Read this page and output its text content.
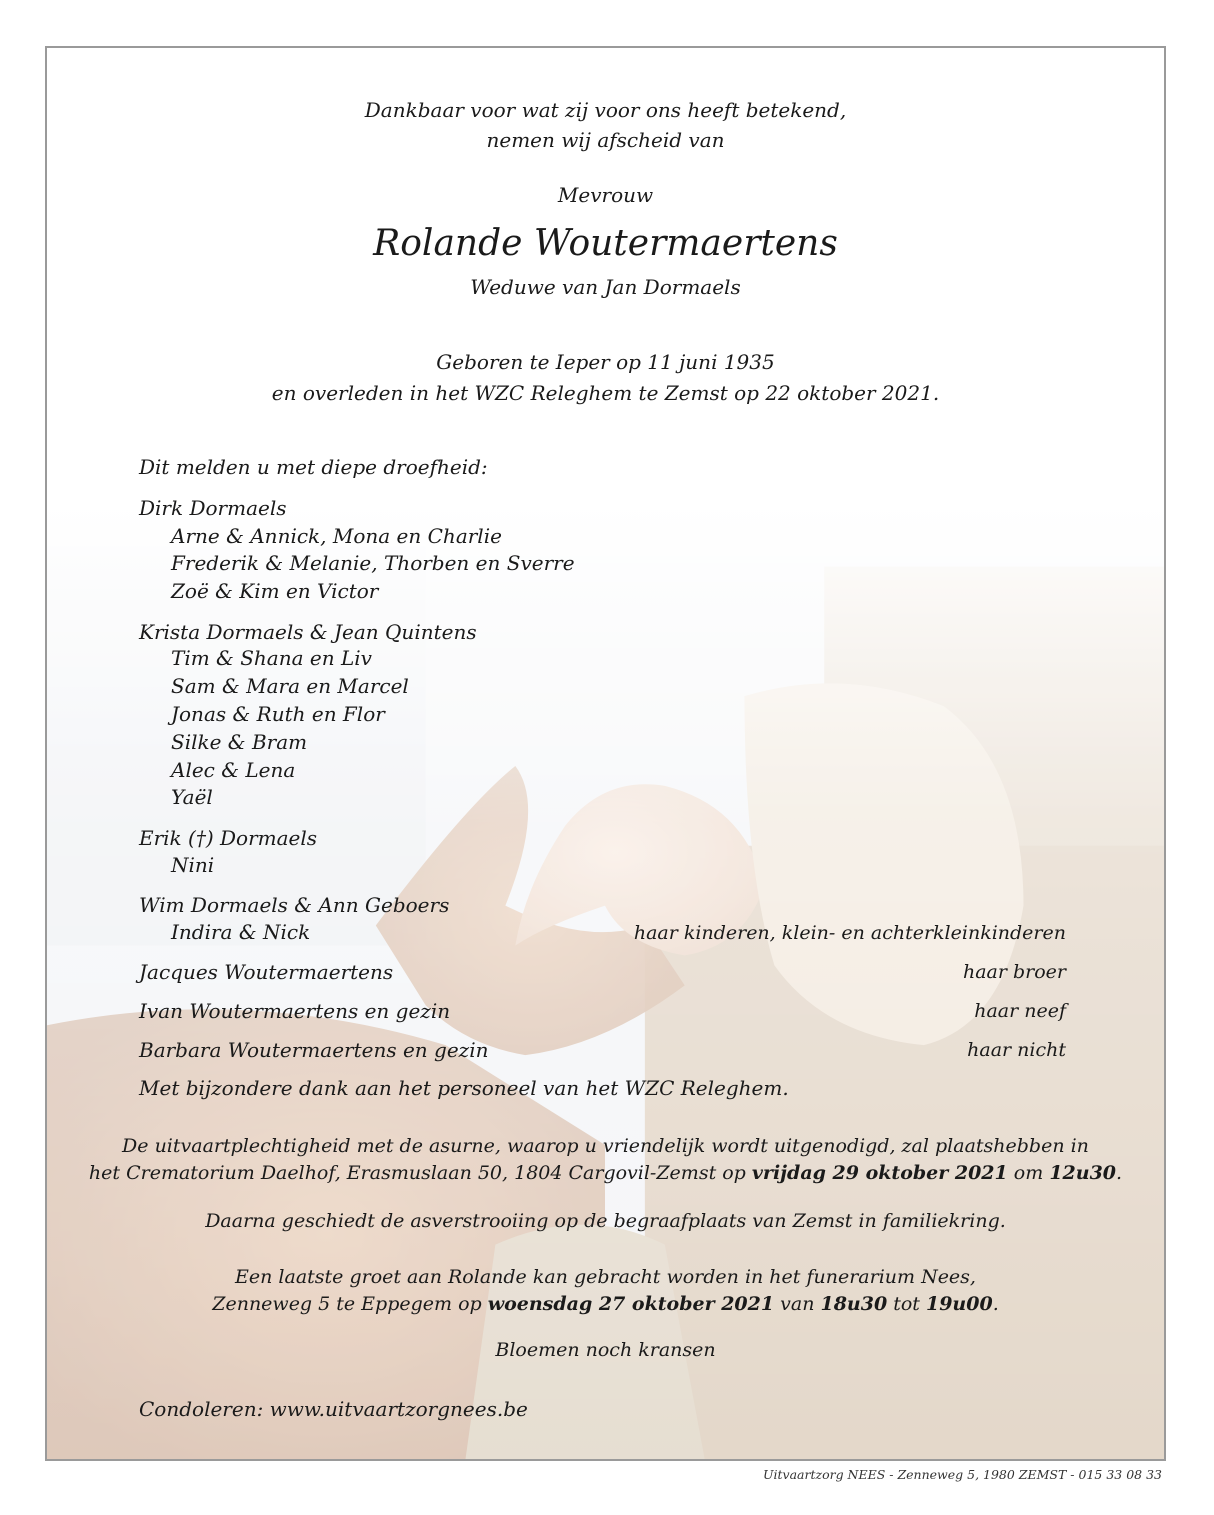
Dankbaar voor wat zij voor ons heeft betekend,
nemen wij afscheid van
Mevrouw
Rolande Woutermaertens
Weduwe van Jan Dormaels
Geboren te Ieper op 11 juni 1935
en overleden in het WZC Releghem te Zemst op 22 oktober 2021.
Dit melden u met diepe droefheid:
Dirk Dormaels
Arne & Annick, Mona en Charlie
Frederik & Melanie, Thorben en Sverre
Zoë & Kim en Victor
Krista Dormaels & Jean Quintens
Tim & Shana en Liv
Sam & Mara en Marcel
Jonas & Ruth en Flor
Silke & Bram
Alec & Lena
Yaël
Erik (†) Dormaels
Nini
Wim Dormaels & Ann Geboers
Indira & Nick	haar kinderen, klein- en achterkleinkinderen
Jacques Woutermaertens	haar broer
Ivan Woutermaertens en gezin	haar neef
Barbara Woutermaertens en gezin	haar nicht
Met bijzondere dank aan het personeel van het WZC Releghem.
De uitvaartplechtigheid met de asurne, waarop u vriendelijk wordt uitgenodigd, zal plaatshebben in
het Crematorium Daelhof, Erasmuslaan 50, 1804 Cargovil-Zemst op vrijdag 29 oktober 2021 om 12u30.
Daarna geschiedt de asverstrooiing op de begraafplaats van Zemst in familiekring.
Een laatste groet aan Rolande kan gebracht worden in het funerarium Nees,
Zenneweg 5 te Eppegem op woensdag 27 oktober 2021 van 18u30 tot 19u00.
Bloemen noch kransen
Condoleren: www.uitvaartzorgnees.be
Uitvaartzorg NEES - Zenneweg 5, 1980 ZEMST - 015 33 08 33
